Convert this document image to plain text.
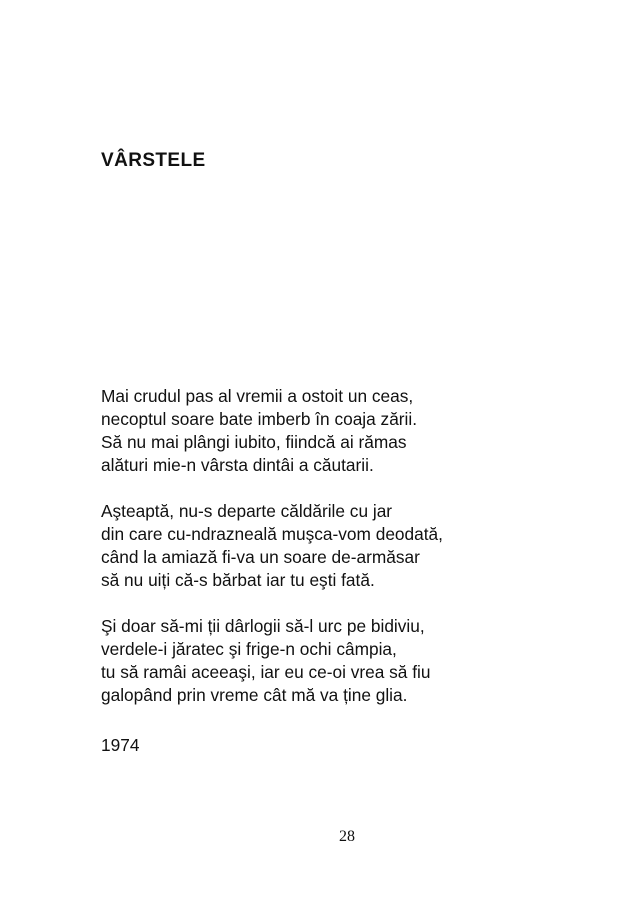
VÂRSTELE

Mai crudul pas al vremii a ostoit un ceas,
necoptul soare bate imberb în coaja zării.
Să nu mai plângi iubito, fiindcă ai rămas
alături mie-n vârsta dintâi a căutarii.

Aşteaptă, nu-s departe căldările cu jar
din care cu-ndrazneală muşca-vom deodată,
când la amiază fi-va un soare de-armăsar
să nu uiți că-s bărbat iar tu eşti fată.

Şi doar să-mi ții dârlogii să-l urc pe bidiviu,
verdele-i jăratec şi frige-n ochi câmpia,
tu să ramâi aceeaşi, iar eu ce-oi vrea să fiu
galopând prin vreme cât mă va ține glia.

1974
28
